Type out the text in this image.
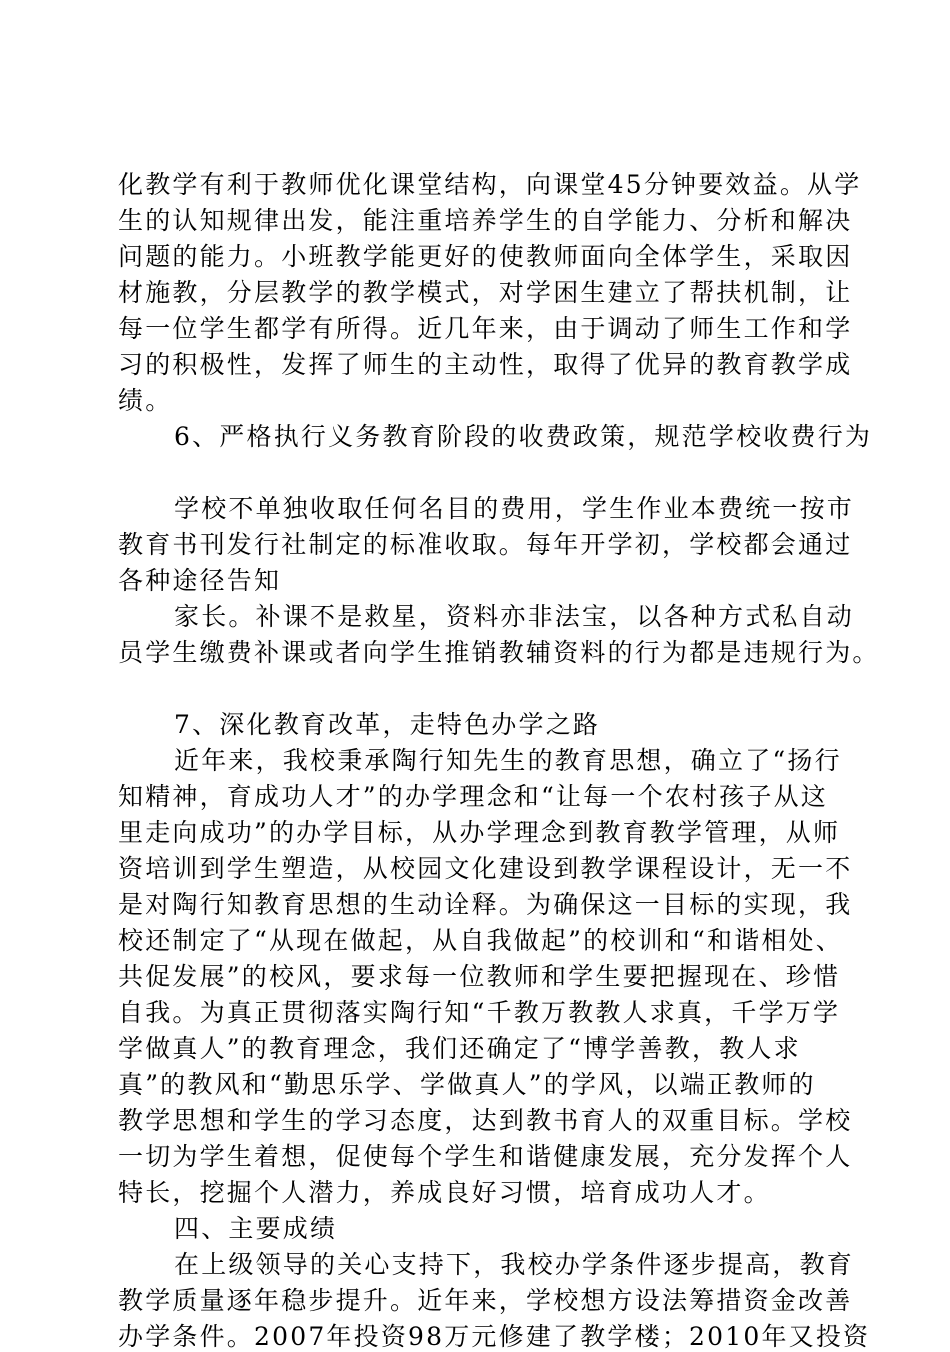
化教学有利于教师优化课堂结构，向课堂45分钟要效益。从学
生的认知规律出发，能注重培养学生的自学能力、分析和解决
问题的能力。小班教学能更好的使教师面向全体学生，采取因
材施教，分层教学的教学模式，对学困生建立了帮扶机制，让
每一位学生都学有所得。近几年来，由于调动了师生工作和学
习的积极性，发挥了师生的主动性，取得了优异的教育教学成
绩。
6、严格执行义务教育阶段的收费政策，规范学校收费行为
学校不单独收取任何名目的费用，学生作业本费统一按市
教育书刊发行社制定的标准收取。每年开学初，学校都会通过
各种途径告知
家长。补课不是救星，资料亦非法宝，以各种方式私自动
员学生缴费补课或者向学生推销教辅资料的行为都是违规行为。
7、深化教育改革，走特色办学之路
近年来，我校秉承陶行知先生的教育思想，确立了“扬行
知精神，育成功人才”的办学理念和“让每一个农村孩子从这
里走向成功”的办学目标，从办学理念到教育教学管理，从师
资培训到学生塑造，从校园文化建设到教学课程设计，无一不
是对陶行知教育思想的生动诠释。为确保这一目标的实现，我
校还制定了“从现在做起，从自我做起”的校训和“和谐相处、
共促发展”的校风，要求每一位教师和学生要把握现在、珍惜
自我。为真正贯彻落实陶行知“千教万教教人求真，千学万学
学做真人”的教育理念，我们还确定了“博学善教，教人求
真”的教风和“勤思乐学、学做真人”的学风，以端正教师的
教学思想和学生的学习态度，达到教书育人的双重目标。学校
一切为学生着想，促使每个学生和谐健康发展，充分发挥个人
特长，挖掘个人潜力，养成良好习惯，培育成功人才。
四、主要成绩
在上级领导的关心支持下，我校办学条件逐步提高，教育
教学质量逐年稳步提升。近年来，学校想方设法筹措资金改善
办学条件。2007年投资98万元修建了教学楼；2010年又投资
